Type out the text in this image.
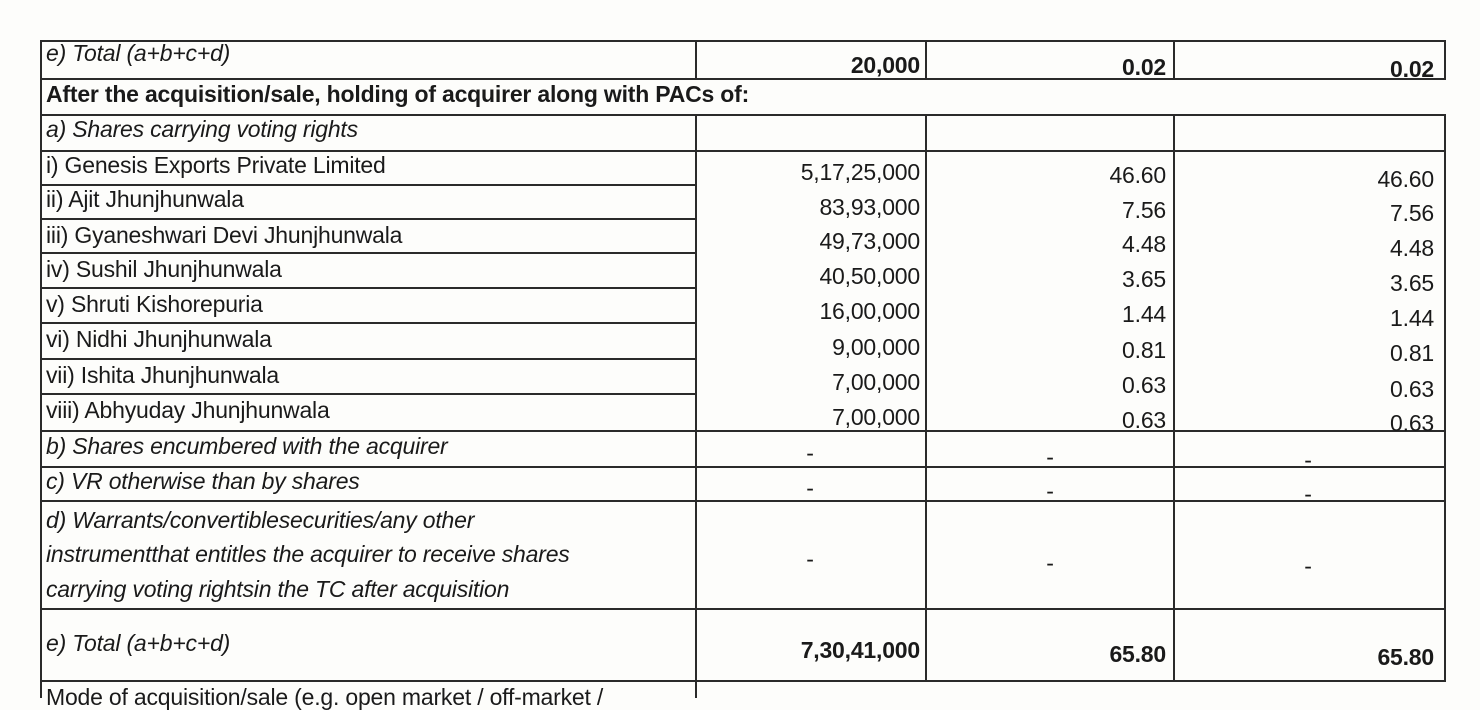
e) Total (a+b+c+d)	20,000	0.02	0.02
After the acquisition/sale, holding of acquirer along with PACs of:
a) Shares carrying voting rights
i) Genesis Exports Private Limited	5,17,25,000	46.60	46.60
ii) Ajit Jhunjhunwala	83,93,000	7.56	7.56
iii) Gyaneshwari Devi Jhunjhunwala	49,73,000	4.48	4.48
iv) Sushil Jhunjhunwala	40,50,000	3.65	3.65
v) Shruti Kishorepuria	16,00,000	1.44	1.44
vi) Nidhi Jhunjhunwala	9,00,000	0.81	0.81
vii) Ishita Jhunjhunwala	7,00,000	0.63	0.63
viii) Abhyuday Jhunjhunwala	7,00,000	0.63	0.63
b) Shares encumbered with the acquirer	-	-	-
c) VR otherwise than by shares	-	-	-
d) Warrants/convertiblesecurities/any other
instrumentthat entitles the acquirer to receive shares
carrying voting rightsin the TC after acquisition
-	-	-
e) Total (a+b+c+d)	7,30,41,000	65.80	65.80
Mode of acquisition/sale (e.g. open market / off-market /
